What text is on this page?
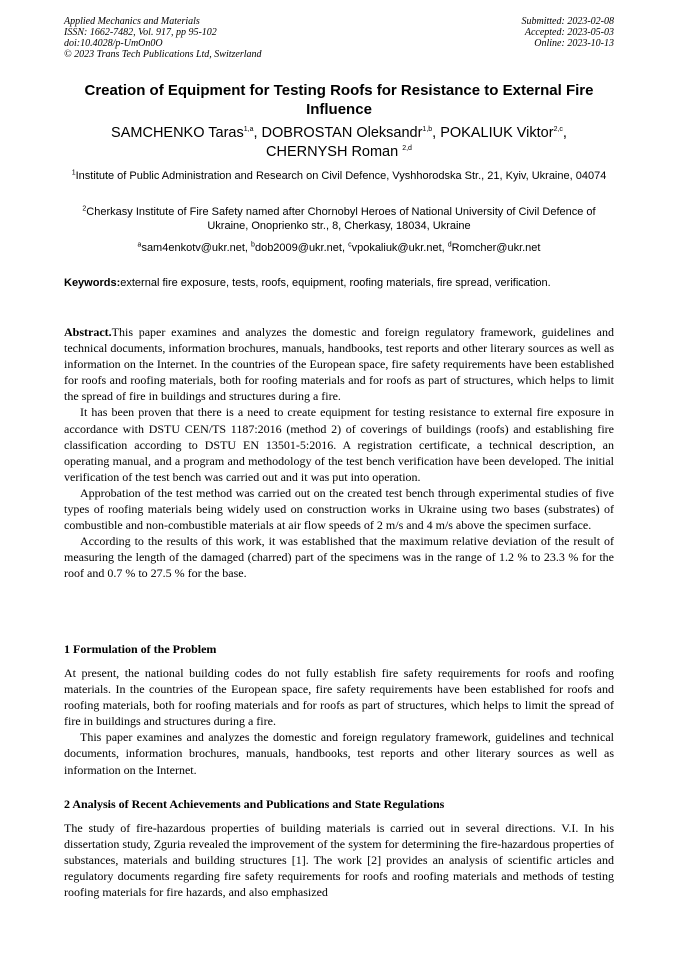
Applied Mechanics and Materials
ISSN: 1662-7482, Vol. 917, pp 95-102
doi:10.4028/p-UmOn0O
© 2023 Trans Tech Publications Ltd, Switzerland
Submitted: 2023-02-08
Accepted: 2023-05-03
Online: 2023-10-13
Creation of Equipment for Testing Roofs for Resistance to External Fire Influence
SAMCHENKO Taras$^{1,a}$, DOBROSTAN Oleksandr$^{1,b}$, POKALIUK Viktor$^{2,c}$,
CHERNYSH Roman $^{2,d}$
$^1$Institute of Public Administration and Research on Civil Defence, Vyshhorodska Str., 21, Kyiv, Ukraine, 04074
$^2$Cherkasy Institute of Fire Safety named after Chornobyl Heroes of National University of Civil Defence of Ukraine, Onoprienko str., 8, Cherkasy, 18034, Ukraine
$^a$sam4enkotv@ukr.net, $^b$dob2009@ukr.net, $^c$vpokaliuk@ukr.net, $^d$Romcher@ukr.net
Keywords:external fire exposure, tests, roofs, equipment, roofing materials, fire spread, verification.

Abstract.This paper examines and analyzes the domestic and foreign regulatory framework, guidelines and technical documents, information brochures, manuals, handbooks, test reports and other literary sources as well as information on the Internet. In the countries of the European space, fire safety requirements have been established for roofs and roofing materials, both for roofing materials and for roofs as part of structures, which helps to limit the spread of fire in buildings and structures during a fire.

It has been proven that there is a need to create equipment for testing resistance to external fire exposure in accordance with DSTU CEN/TS 1187:2016 (method 2) of coverings of buildings (roofs) and establishing fire classification according to DSTU EN 13501-5:2016. A registration certificate, a technical description, an operating manual, and a program and methodology of the test bench verification have been developed. The initial verification of the test bench was carried out and it was put into operation.

Approbation of the test method was carried out on the created test bench through experimental studies of five types of roofing materials being widely used on construction works in Ukraine using two bases (substrates) of combustible and non-combustible materials at air flow speeds of 2 m/s and 4 m/s above the specimen surface.

According to the results of this work, it was established that the maximum relative deviation of the result of measuring the length of the damaged (charred) part of the specimens was in the range of 1.2 % to 23.3 % for the roof and 0.7 % to 27.5 % for the base.

1 Formulation of the Problem

At present, the national building codes do not fully establish fire safety requirements for roofs and roofing materials. In the countries of the European space, fire safety requirements have been established for roofs and roofing materials, both for roofing materials and for roofs as part of structures, which helps to limit the spread of fire in buildings and structures during a fire.

This paper examines and analyzes the domestic and foreign regulatory framework, guidelines and technical documents, information brochures, manuals, handbooks, test reports and other literary sources as well as information on the Internet.

2 Analysis of Recent Achievements and Publications and State Regulations

The study of fire-hazardous properties of building materials is carried out in several directions. V.I. In his dissertation study, Zguria revealed the improvement of the system for determining the fire-hazardous properties of substances, materials and building structures [1]. The work [2] provides an analysis of scientific articles and regulatory documents regarding fire safety requirements for roofs and roofing materials and methods of testing roofing materials for fire hazards, and also emphasized
